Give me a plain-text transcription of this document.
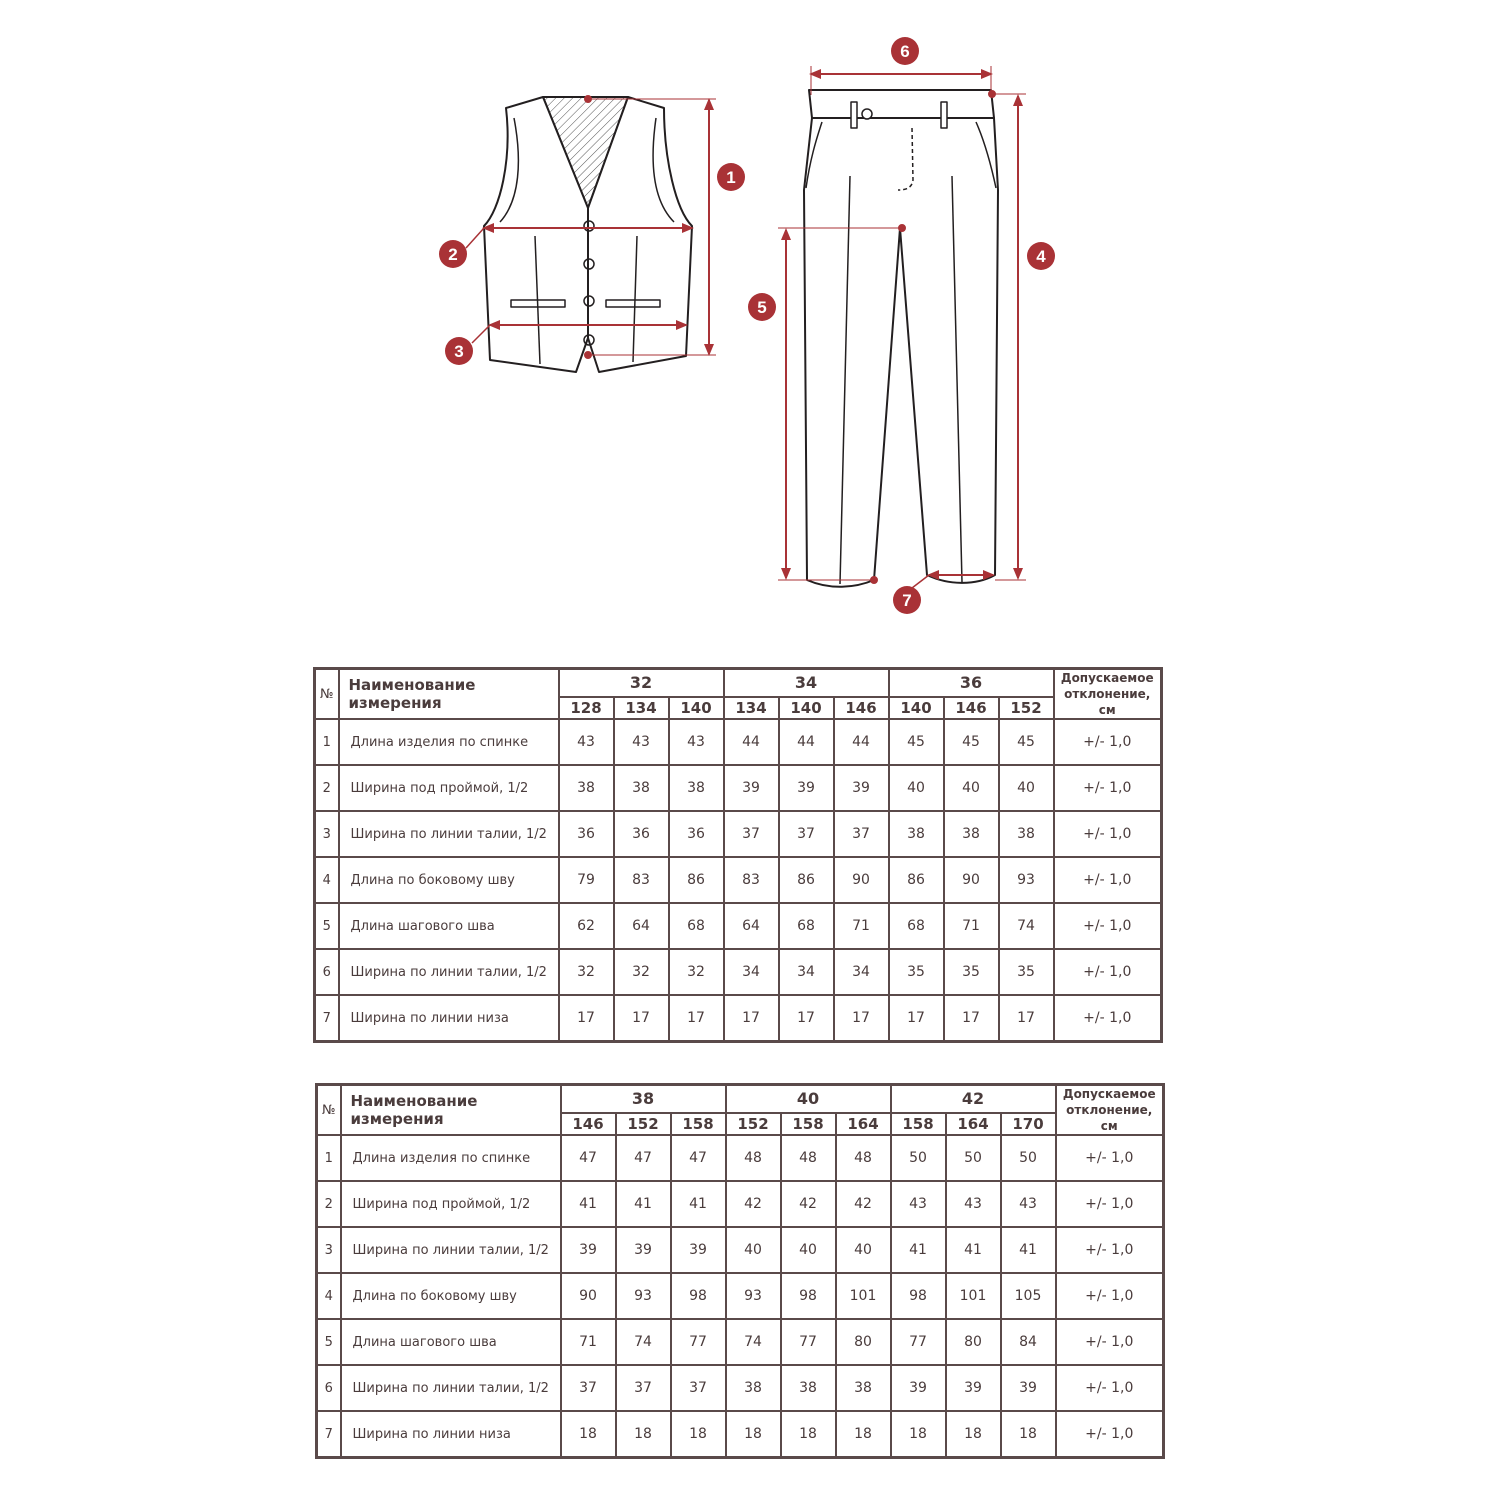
1
2
3
4
5
6
7
№	Наименование измерения	32			34			36			Допускаемое отклонение, см
		128	134	140	134	140	146	140	146	152	
1	Длина изделия по спинке	43	43	43	44	44	44	45	45	45	+/- 1,0
2	Ширина под проймой, 1/2	38	38	38	39	39	39	40	40	40	+/- 1,0
3	Ширина по линии талии, 1/2	36	36	36	37	37	37	38	38	38	+/- 1,0
4	Длина по боковому шву	79	83	86	83	86	90	86	90	93	+/- 1,0
5	Длина шагового шва	62	64	68	64	68	71	68	71	74	+/- 1,0
6	Ширина по линии талии, 1/2	32	32	32	34	34	34	35	35	35	+/- 1,0
7	Ширина по линии низа	17	17	17	17	17	17	17	17	17	+/- 1,0
№	Наименование измерения	38			40			42			Допускаемое отклонение, см
		146	152	158	152	158	164	158	164	170	
1	Длина изделия по спинке	47	47	47	48	48	48	50	50	50	+/- 1,0
2	Ширина под проймой, 1/2	41	41	41	42	42	42	43	43	43	+/- 1,0
3	Ширина по линии талии, 1/2	39	39	39	40	40	40	41	41	41	+/- 1,0
4	Длина по боковому шву	90	93	98	93	98	101	98	101	105	+/- 1,0
5	Длина шагового шва	71	74	77	74	77	80	77	80	84	+/- 1,0
6	Ширина по линии талии, 1/2	37	37	37	38	38	38	39	39	39	+/- 1,0
7	Ширина по линии низа	18	18	18	18	18	18	18	18	18	+/- 1,0
